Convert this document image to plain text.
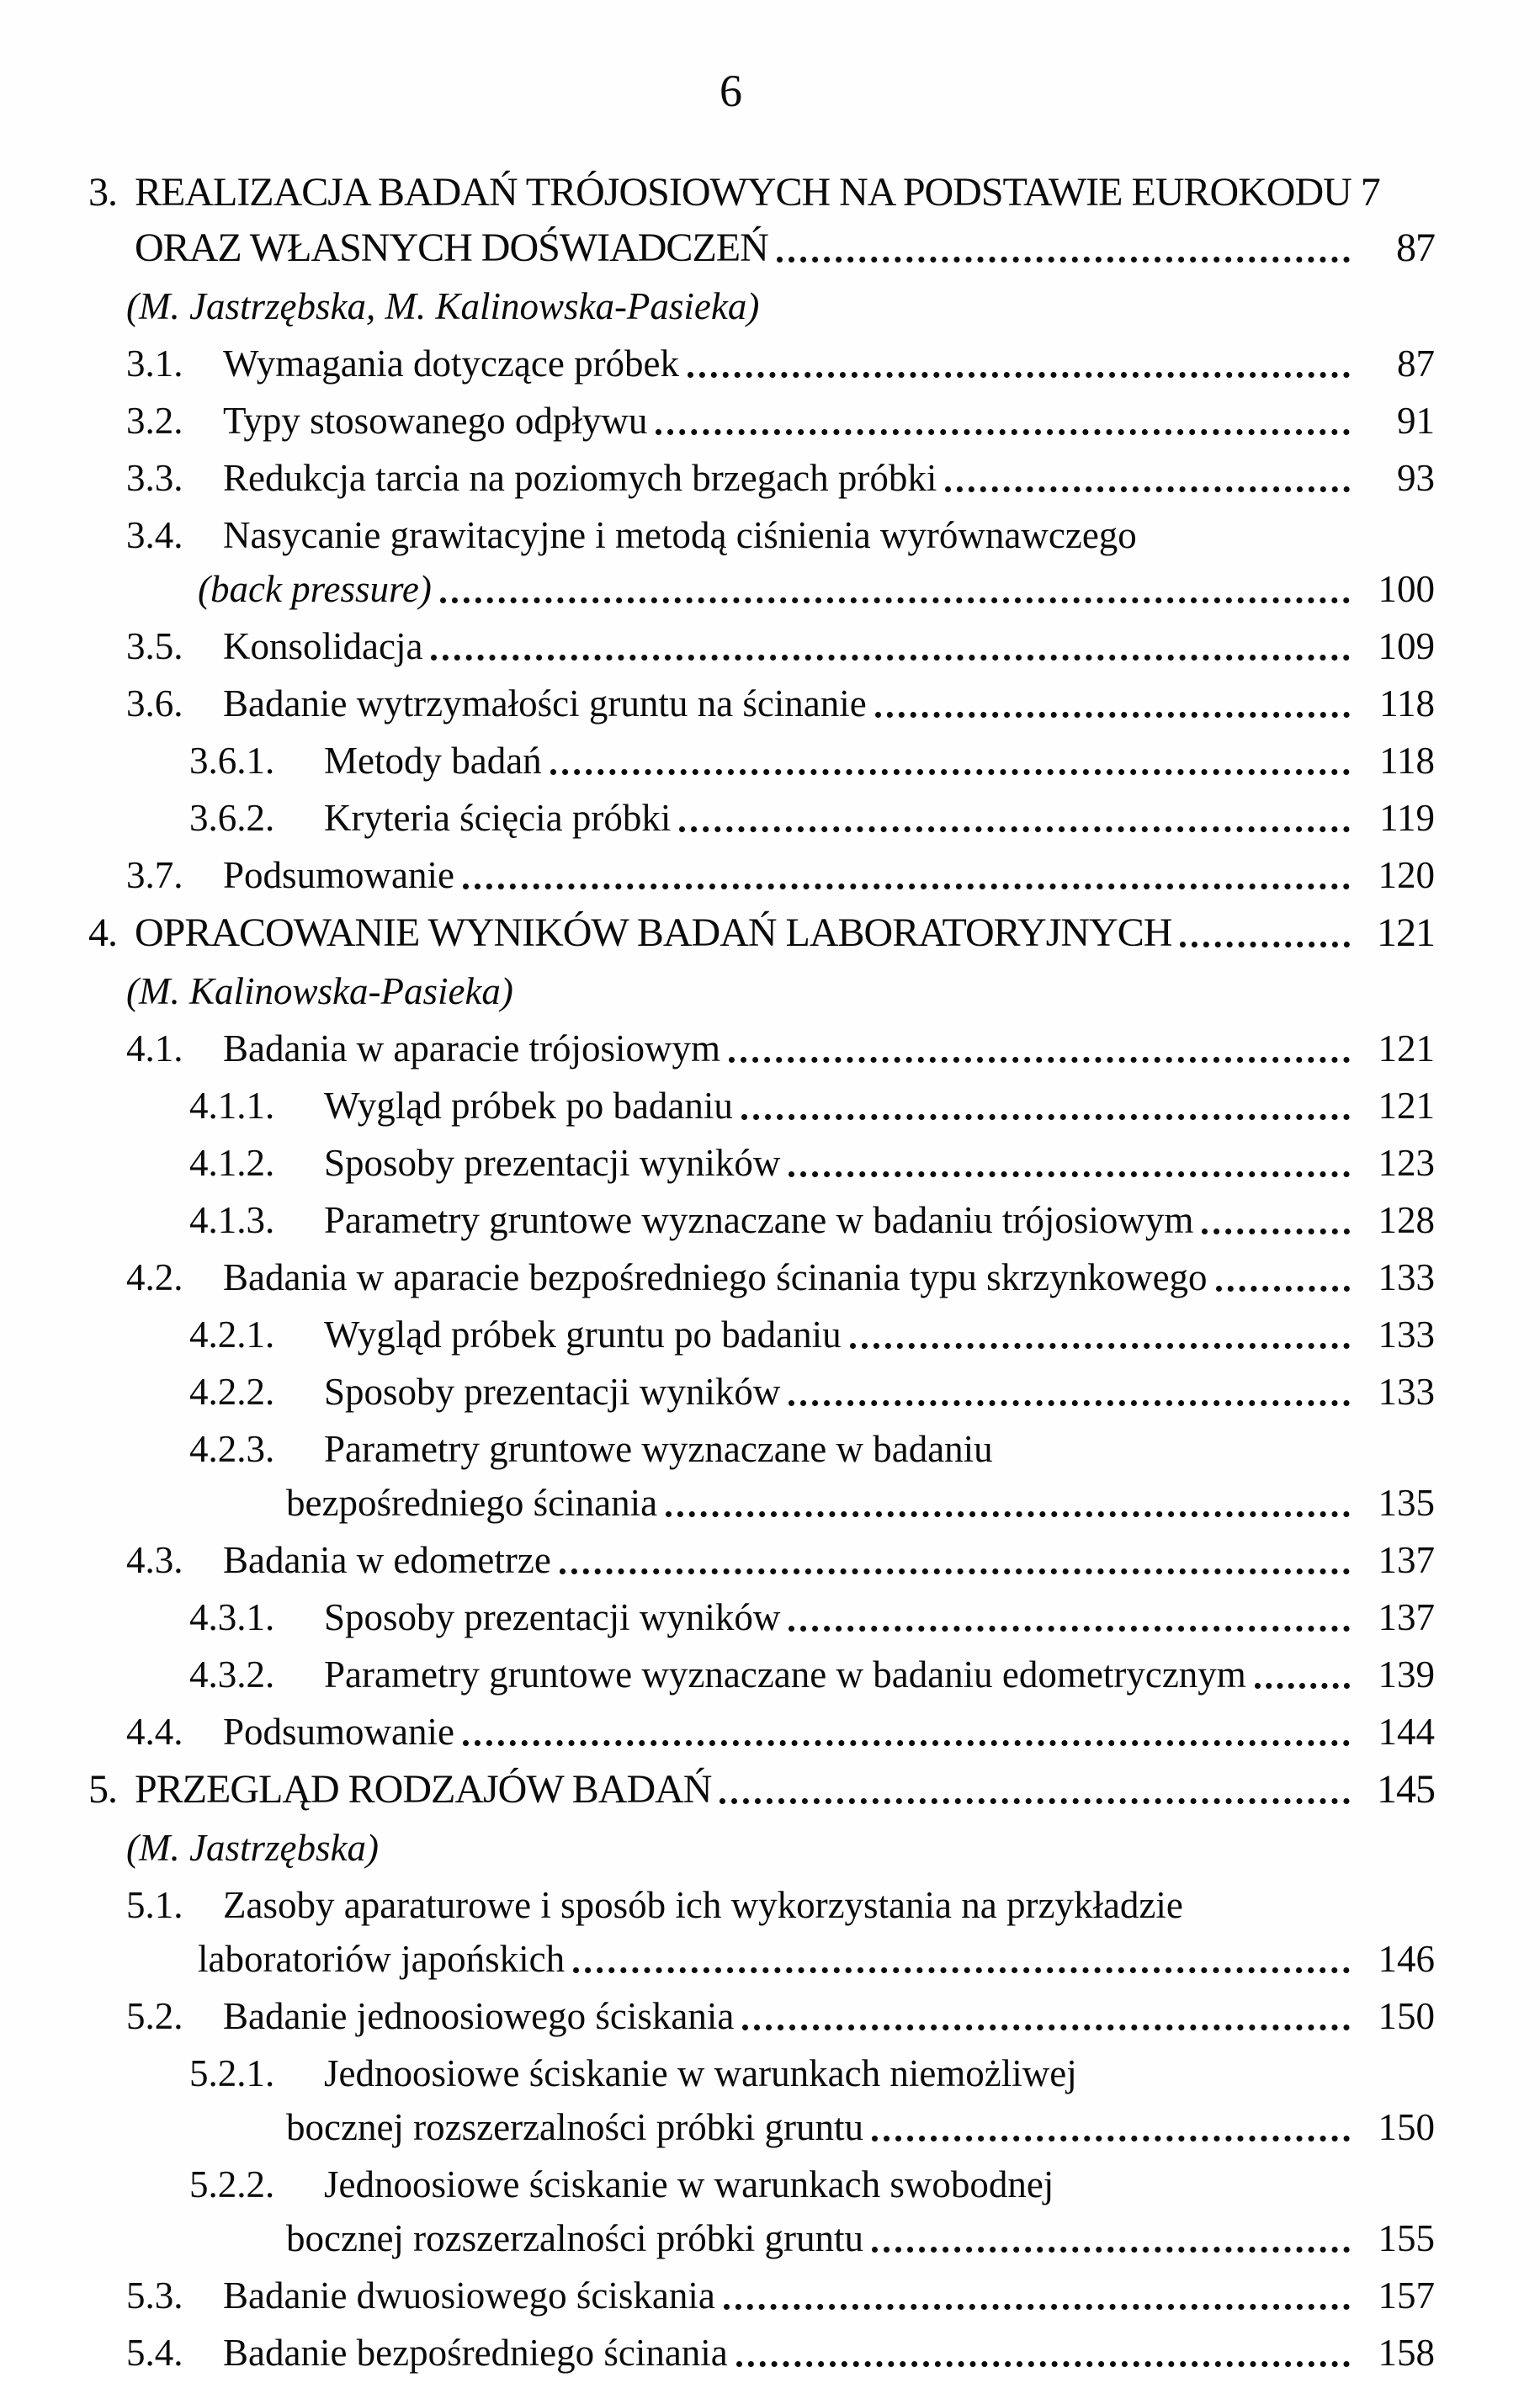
6
3. REALIZACJA BADAŃ TRÓJOSIOWYCH NA PODSTAWIE EUROKODU 7
ORAZ WŁASNYCH DOŚWIADCZEŃ	87
(M. Jastrzębska, M. Kalinowska-Pasieka)
3.1.	Wymagania dotyczące próbek	87
3.2.	Typy stosowanego odpływu	91
3.3.	Redukcja tarcia na poziomych brzegach próbki	93
3.4. Nasycanie grawitacyjne i metodą ciśnienia wyrównawczego
(back pressure)	100
3.5.	Konsolidacja	109
3.6.	Badanie wytrzymałości gruntu na ścinanie	118
3.6.1.	Metody badań	118
3.6.2.	Kryteria ścięcia próbki	119
3.7.	Podsumowanie	120
4. OPRACOWANIE WYNIKÓW BADAŃ LABORATORYJNYCH	121
(M. Kalinowska-Pasieka)
4.1.	Badania w aparacie trójosiowym	121
4.1.1.	Wygląd próbek po badaniu	121
4.1.2.	Sposoby prezentacji wyników	123
4.1.3.	Parametry gruntowe wyznaczane w badaniu trójosiowym	128
4.2.	Badania w aparacie bezpośredniego ścinania typu skrzynkowego	133
4.2.1.	Wygląd próbek gruntu po badaniu	133
4.2.2.	Sposoby prezentacji wyników	133
4.2.3. Parametry gruntowe wyznaczane w badaniu
bezpośredniego ścinania	135
4.3.	Badania w edometrze	137
4.3.1.	Sposoby prezentacji wyników	137
4.3.2.	Parametry gruntowe wyznaczane w badaniu edometrycznym	139
4.4.	Podsumowanie	144
5. PRZEGLĄD RODZAJÓW BADAŃ	145
(M. Jastrzębska)
5.1. Zasoby aparaturowe i sposób ich wykorzystania na przykładzie
laboratoriów japońskich	146
5.2.	Badanie jednoosiowego ściskania	150
5.2.1. Jednoosiowe ściskanie w warunkach niemożliwej
bocznej rozszerzalności próbki gruntu	150
5.2.2. Jednoosiowe ściskanie w warunkach swobodnej
bocznej rozszerzalności próbki gruntu	155
5.3.	Badanie dwuosiowego ściskania	157
5.4.	Badanie bezpośredniego ścinania	158
